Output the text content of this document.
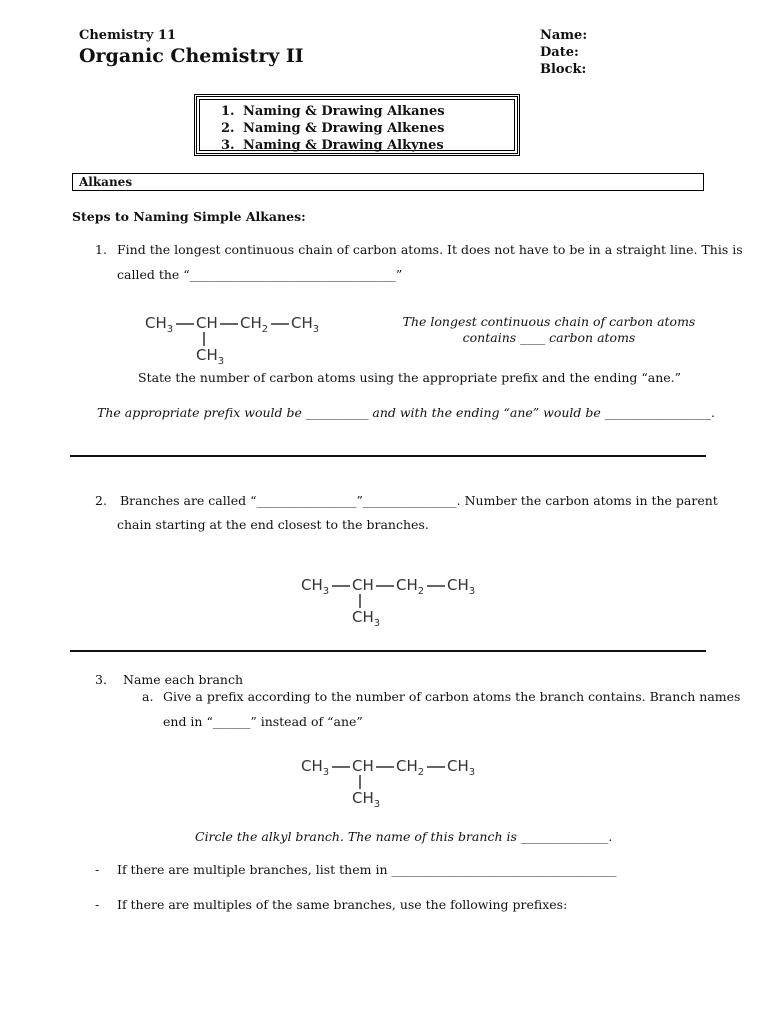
Chemistry 11
Organic Chemistry II
Name:
Date:
Block:
1. Naming & Drawing Alkanes
2. Naming & Drawing Alkenes
3. Naming & Drawing Alkynes
Alkanes
Steps to Naming Simple Alkanes:
1. Find the longest continuous chain of carbon atoms. It does not have to be in a straight line. This is
called the “_________________________________”
$CH_3$ CH $CH_2$ $CH_3$
$CH_3$
The longest continuous chain of carbon atoms
contains ____ carbon atoms
State the number of carbon atoms using the appropriate prefix and the ending “ane.”
The appropriate prefix would be __________ and with the ending “ane” would be _________________.
2. Branches are called “________________”_______________. Number the carbon atoms in the parent
chain starting at the end closest to the branches.
$CH_3$ CH $CH_2$ $CH_3$
$CH_3$
3. Name each branch
a. Give a prefix according to the number of carbon atoms the branch contains. Branch names
end in “______” instead of “ane”
$CH_3$ CH $CH_2$ $CH_3$
$CH_3$
Circle the alkyl branch. The name of this branch is ______________.
- If there are multiple branches, list them in ____________________________________
- If there are multiples of the same branches, use the following prefixes:
